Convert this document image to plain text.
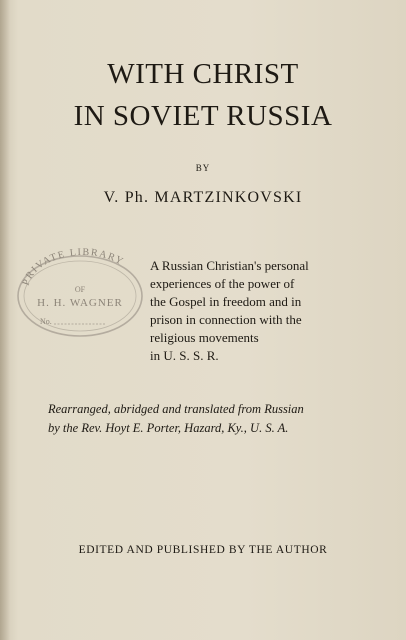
WITH CHRIST
IN SOVIET RUSSIA
BY
V. Ph. MARTZINKOVSKI
PRIVATE LIBRARY
OF
H. H. WAGNER
No.

A Russian Christian's personal
experiences of the power of
the Gospel in freedom and in
prison in connection with the
religious movements
in U. S. S. R.

Rearranged, abridged and translated from Russian
by the Rev. Hoyt E. Porter, Hazard, Ky., U. S. A.
EDITED AND PUBLISHED BY THE AUTHOR
